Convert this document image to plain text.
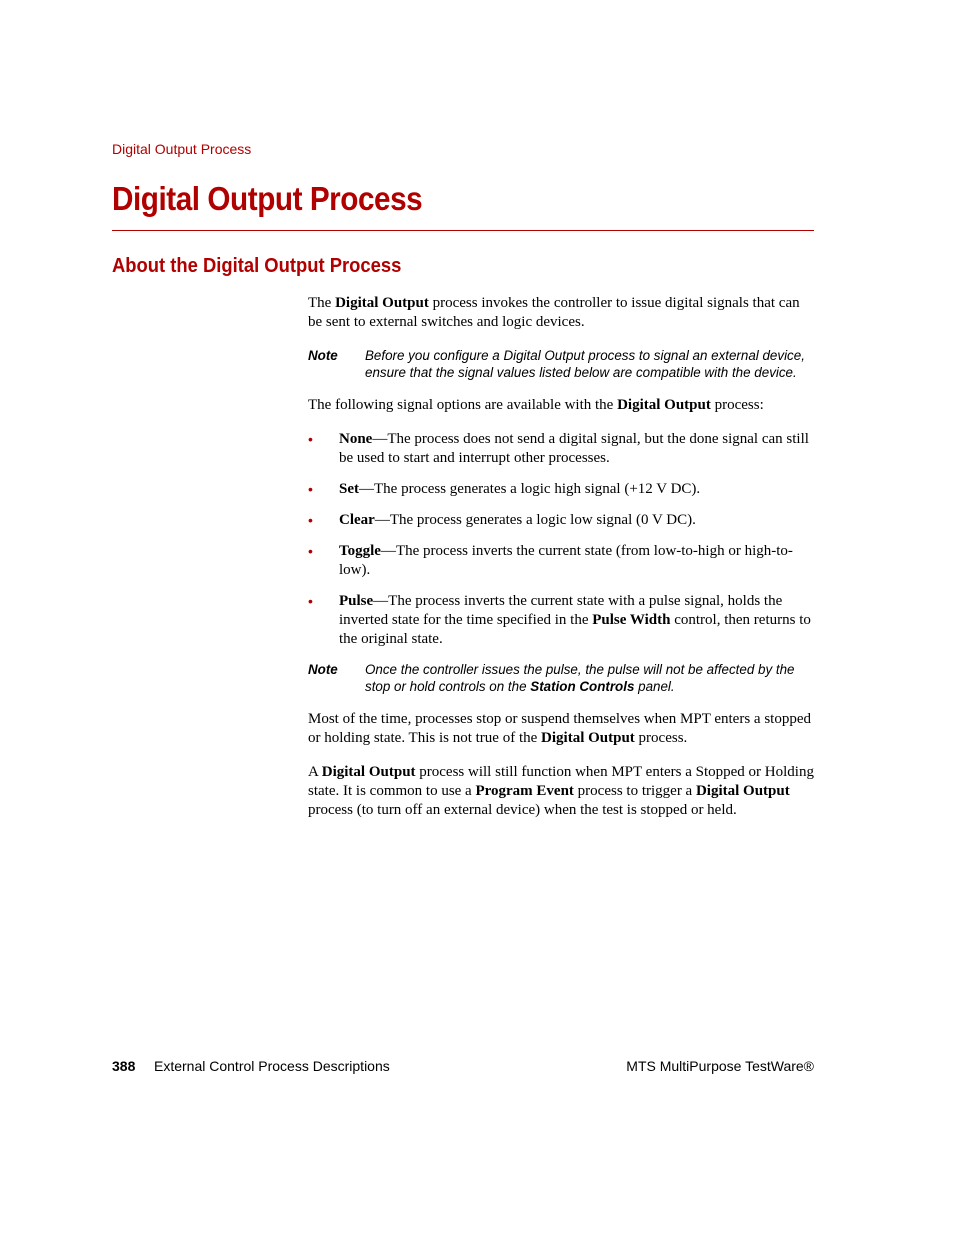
Digital Output Process
Digital Output Process
About the Digital Output Process

The Digital Output process invokes the controller to issue digital signals that can be sent to external switches and logic devices.

Note Before you configure a Digital Output process to signal an external device, ensure that the signal values listed below are compatible with the device.

The following signal options are available with the Digital Output process:

• None—The process does not send a digital signal, but the done signal can still be used to start and interrupt other processes.
• Set—The process generates a logic high signal (+12 V DC).
• Clear—The process generates a logic low signal (0 V DC).
• Toggle—The process inverts the current state (from low-to-high or high-to-low).
• Pulse—The process inverts the current state with a pulse signal, holds the inverted state for the time specified in the Pulse Width control, then returns to the original state.
Note Once the controller issues the pulse, the pulse will not be affected by the stop or hold controls on the Station Controls panel.

Most of the time, processes stop or suspend themselves when MPT enters a stopped or holding state. This is not true of the Digital Output process.

A Digital Output process will still function when MPT enters a Stopped or Holding state. It is common to use a Program Event process to trigger a Digital Output process (to turn off an external device) when the test is stopped or held.

388 External Control Process Descriptions	MTS MultiPurpose TestWare®
